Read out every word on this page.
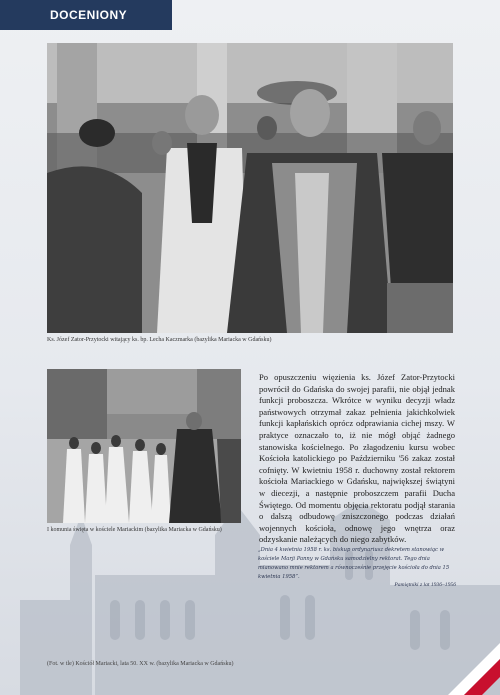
DOCENIONY
Ks. Józef Zator-Przytocki witający ks. bp. Lecha Kaczmarka (bazylika Mariacka w Gdańsku)
I komunia święta w kościele Mariackim (bazylika Mariacka w Gdańsku)

Po opuszczeniu więzienia ks. Józef Zator-Przytocki powrócił do Gdańska do swojej parafii, nie objął jednak funkcji proboszcza. Wkrótce w wyniku decyzji władz państwowych otrzymał zakaz pełnienia jakichkolwiek funkcji kapłańskich oprócz odprawiania cichej mszy. W praktyce oznaczało to, iż nie mógł objąć żadnego stanowiska kościelnego. Po złagodzeniu kursu wobec Kościoła katolickiego po Październiku '56 zakaz został cofnięty. W kwietniu 1958 r. duchowny został rektorem kościoła Mariackiego w Gdańsku, największej świątyni w diecezji, a następnie proboszczem parafii Ducha Świętego. Od momentu objęcia rektoratu podjął starania o dalszą odbudowę zniszczonego podczas działań wojennych kościoła, odnowę jego wnętrza oraz odzyskanie należących do niego zabytków.

„Dnia 4 kwietnia 1958 r. ks. biskup ordynariusz dekretem stanowiąc w kościele Marji Panny w Gdańsku samodzielny rektorat. Tego dnia mianowano mnie rektorem a równocześnie przejęcie kościoła do dnia 15 kwietnia 1958”.
Pamiętniki z lat 1936–1956
(Fot. w tle) Kościół Mariacki, lata 50. XX w. (bazylika Mariacka w Gdańsku)
